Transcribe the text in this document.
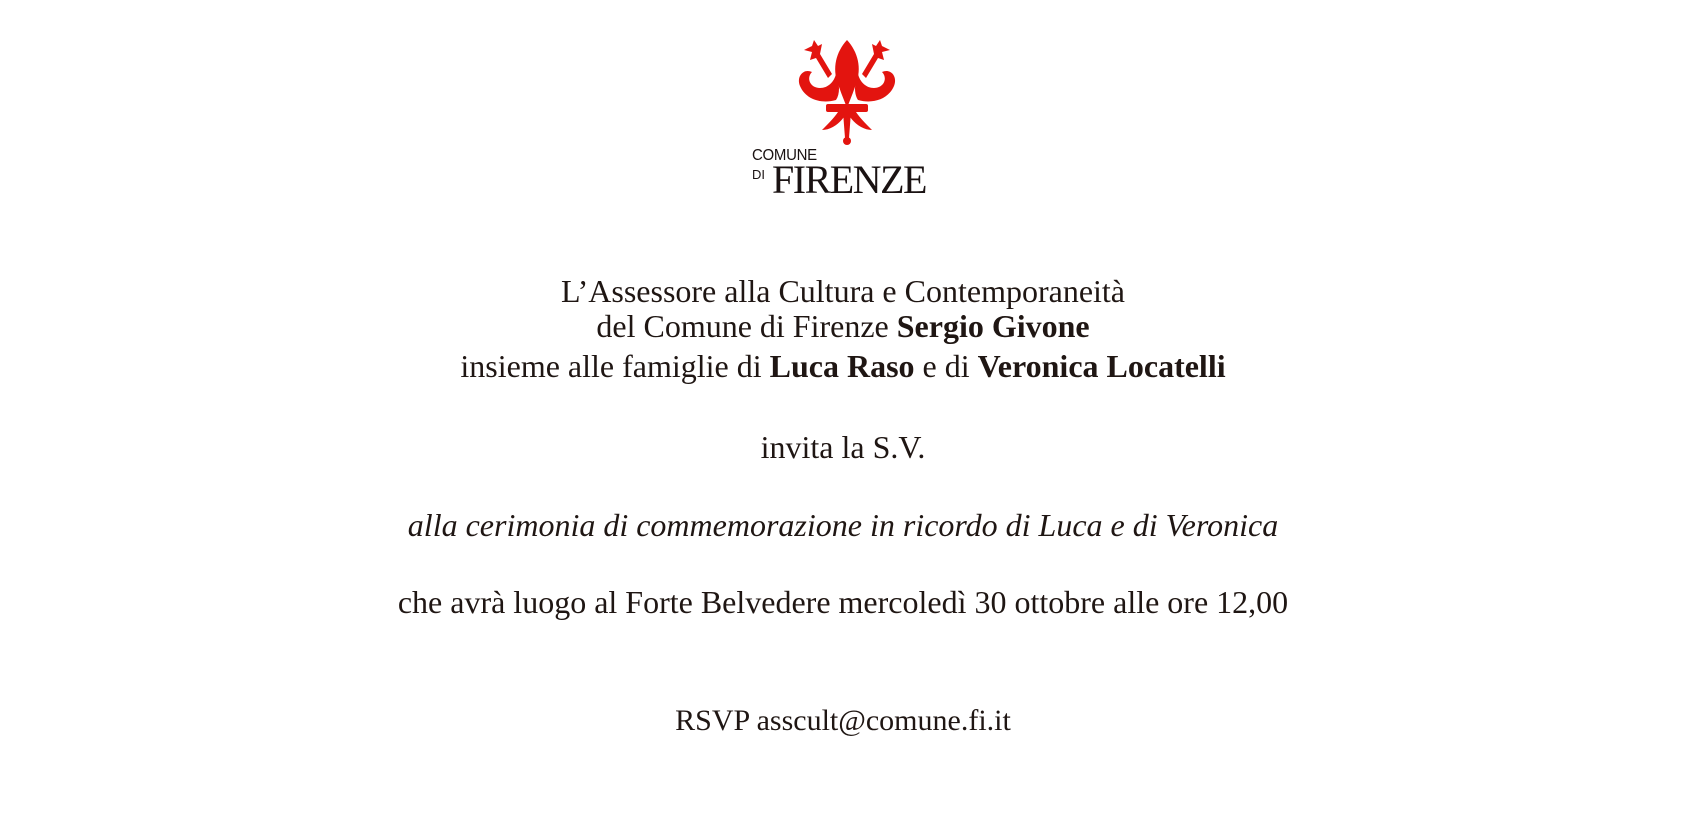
COMUNE
DI FIRENZE
L’Assessore alla Cultura e Contemporaneità
del Comune di Firenze Sergio Givone
insieme alle famiglie di Luca Raso e di Veronica Locatelli
invita la S.V.
alla cerimonia di commemorazione in ricordo di Luca e di Veronica
che avrà luogo al Forte Belvedere mercoledì 30 ottobre alle ore 12,00
RSVP asscult@comune.fi.it
